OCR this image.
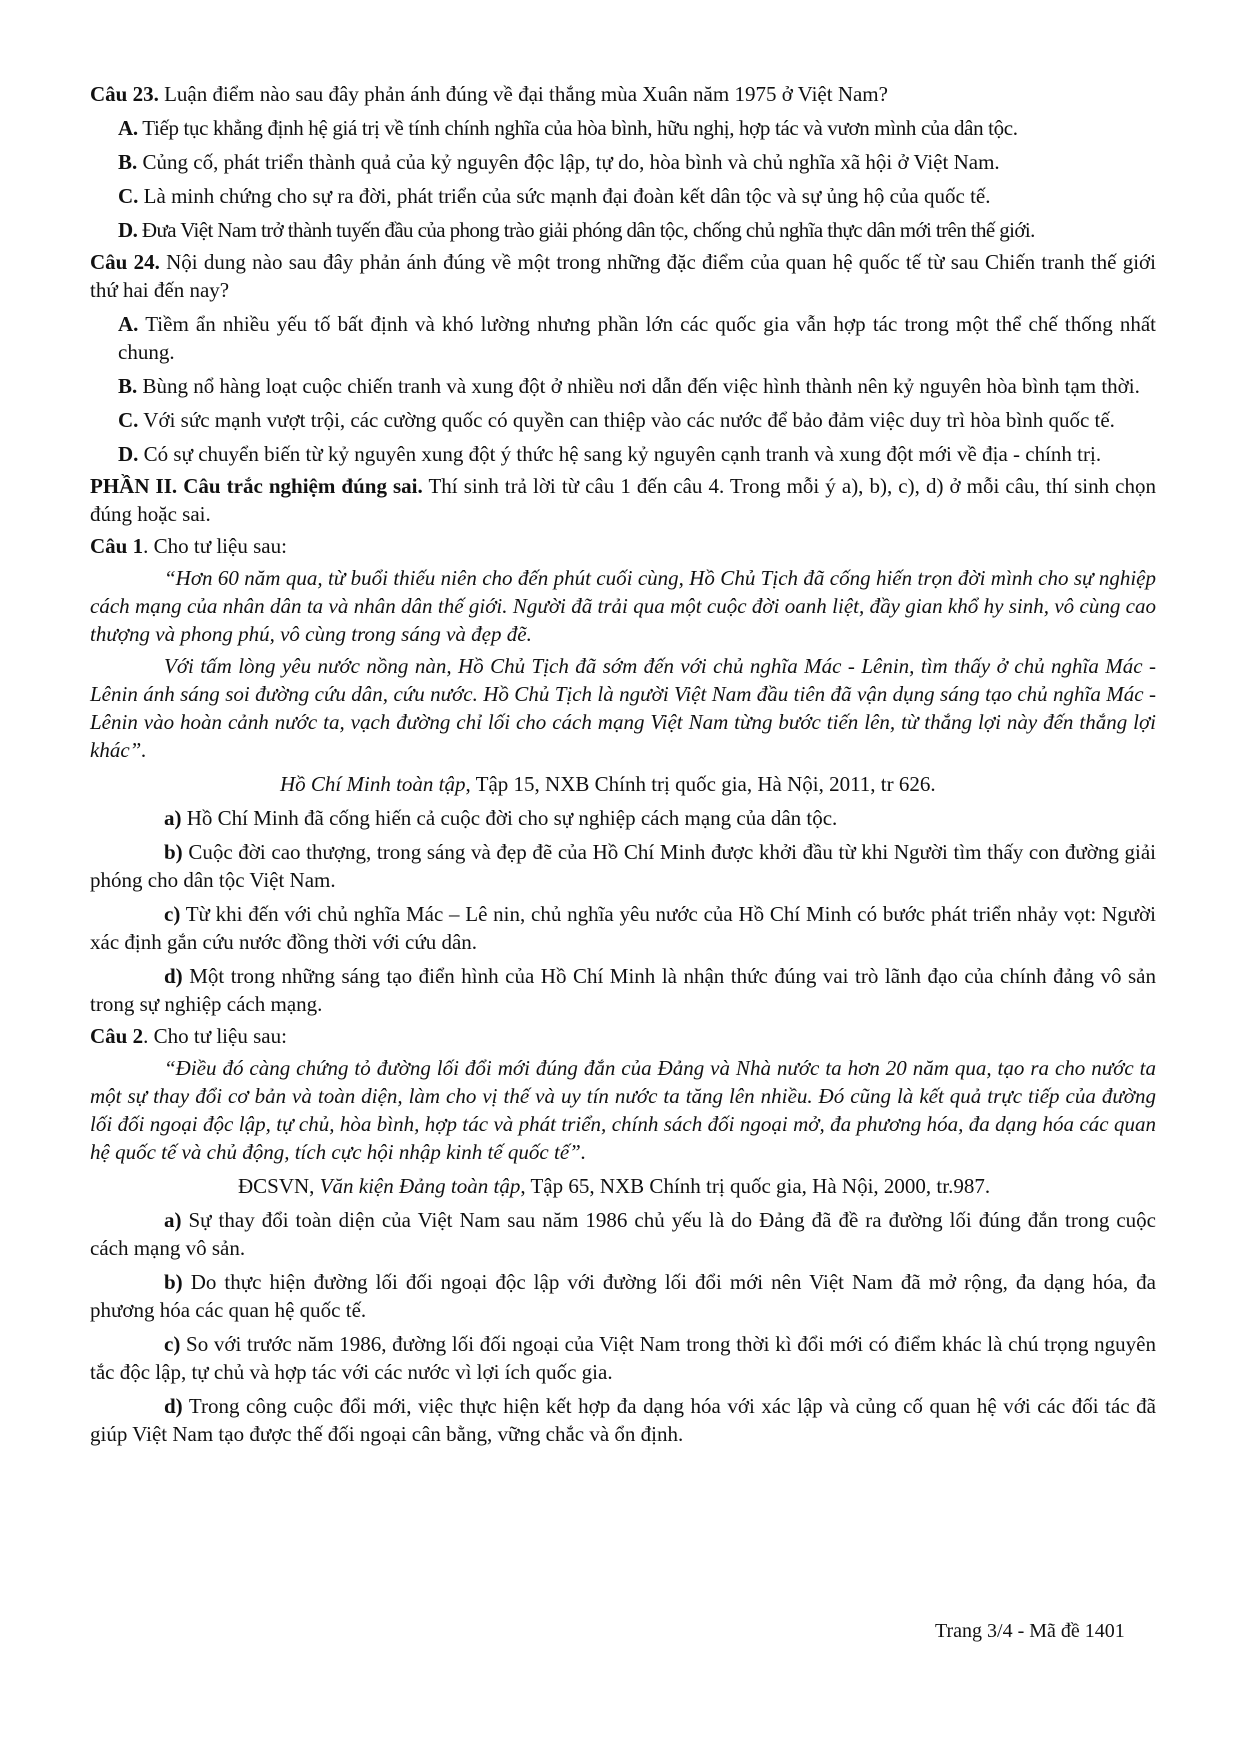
Câu 23. Luận điểm nào sau đây phản ánh đúng về đại thắng mùa Xuân năm 1975 ở Việt Nam?

A. Tiếp tục khẳng định hệ giá trị về tính chính nghĩa của hòa bình, hữu nghị, hợp tác và vươn mình của dân tộc.
B. Củng cố, phát triển thành quả của kỷ nguyên độc lập, tự do, hòa bình và chủ nghĩa xã hội ở Việt Nam.
C. Là minh chứng cho sự ra đời, phát triển của sức mạnh đại đoàn kết dân tộc và sự ủng hộ của quốc tế.
D. Đưa Việt Nam trở thành tuyến đầu của phong trào giải phóng dân tộc, chống chủ nghĩa thực dân mới trên thế giới.

Câu 24. Nội dung nào sau đây phản ánh đúng về một trong những đặc điểm của quan hệ quốc tế từ sau Chiến tranh thế giới thứ hai đến nay?

A. Tiềm ẩn nhiều yếu tố bất định và khó lường nhưng phần lớn các quốc gia vẫn hợp tác trong một thể chế thống nhất chung.
B. Bùng nổ hàng loạt cuộc chiến tranh và xung đột ở nhiều nơi dẫn đến việc hình thành nên kỷ nguyên hòa bình tạm thời.
C. Với sức mạnh vượt trội, các cường quốc có quyền can thiệp vào các nước để bảo đảm việc duy trì hòa bình quốc tế.
D. Có sự chuyển biến từ kỷ nguyên xung đột ý thức hệ sang kỷ nguyên cạnh tranh và xung đột mới về địa - chính trị.

PHẦN II. Câu trắc nghiệm đúng sai. Thí sinh trả lời từ câu 1 đến câu 4. Trong mỗi ý a), b), c), d) ở mỗi câu, thí sinh chọn đúng hoặc sai.

Câu 1. Cho tư liệu sau:

“Hơn 60 năm qua, từ buổi thiếu niên cho đến phút cuối cùng, Hồ Chủ Tịch đã cống hiến trọn đời mình cho sự nghiệp cách mạng của nhân dân ta và nhân dân thế giới. Người đã trải qua một cuộc đời oanh liệt, đầy gian khổ hy sinh, vô cùng cao thượng và phong phú, vô cùng trong sáng và đẹp đẽ.
Với tấm lòng yêu nước nồng nàn, Hồ Chủ Tịch đã sớm đến với chủ nghĩa Mác - Lênin, tìm thấy ở chủ nghĩa Mác - Lênin ánh sáng soi đường cứu dân, cứu nước. Hồ Chủ Tịch là người Việt Nam đầu tiên đã vận dụng sáng tạo chủ nghĩa Mác - Lênin vào hoàn cảnh nước ta, vạch đường chỉ lối cho cách mạng Việt Nam từng bước tiến lên, từ thắng lợi này đến thắng lợi khác”.
Hồ Chí Minh toàn tập, Tập 15, NXB Chính trị quốc gia, Hà Nội, 2011, tr 626.
a) Hồ Chí Minh đã cống hiến cả cuộc đời cho sự nghiệp cách mạng của dân tộc.
b) Cuộc đời cao thượng, trong sáng và đẹp đẽ của Hồ Chí Minh được khởi đầu từ khi Người tìm thấy con đường giải phóng cho dân tộc Việt Nam.
c) Từ khi đến với chủ nghĩa Mác – Lê nin, chủ nghĩa yêu nước của Hồ Chí Minh có bước phát triển nhảy vọt: Người xác định gắn cứu nước đồng thời với cứu dân.
d) Một trong những sáng tạo điển hình của Hồ Chí Minh là nhận thức đúng vai trò lãnh đạo của chính đảng vô sản trong sự nghiệp cách mạng.

Câu 2. Cho tư liệu sau:

“Điều đó càng chứng tỏ đường lối đổi mới đúng đắn của Đảng và Nhà nước ta hơn 20 năm qua, tạo ra cho nước ta một sự thay đổi cơ bản và toàn diện, làm cho vị thế và uy tín nước ta tăng lên nhiều. Đó cũng là kết quả trực tiếp của đường lối đối ngoại độc lập, tự chủ, hòa bình, hợp tác và phát triển, chính sách đối ngoại mở, đa phương hóa, đa dạng hóa các quan hệ quốc tế và chủ động, tích cực hội nhập kinh tế quốc tế”.
ĐCSVN, Văn kiện Đảng toàn tập, Tập 65, NXB Chính trị quốc gia, Hà Nội, 2000, tr.987.
a) Sự thay đổi toàn diện của Việt Nam sau năm 1986 chủ yếu là do Đảng đã đề ra đường lối đúng đắn trong cuộc cách mạng vô sản.
b) Do thực hiện đường lối đối ngoại độc lập với đường lối đổi mới nên Việt Nam đã mở rộng, đa dạng hóa, đa phương hóa các quan hệ quốc tế.
c) So với trước năm 1986, đường lối đối ngoại của Việt Nam trong thời kì đổi mới có điểm khác là chú trọng nguyên tắc độc lập, tự chủ và hợp tác với các nước vì lợi ích quốc gia.
d) Trong công cuộc đổi mới, việc thực hiện kết hợp đa dạng hóa với xác lập và củng cố quan hệ với các đối tác đã giúp Việt Nam tạo được thế đối ngoại cân bằng, vững chắc và ổn định.
Trang 3/4 - Mã đề 1401
